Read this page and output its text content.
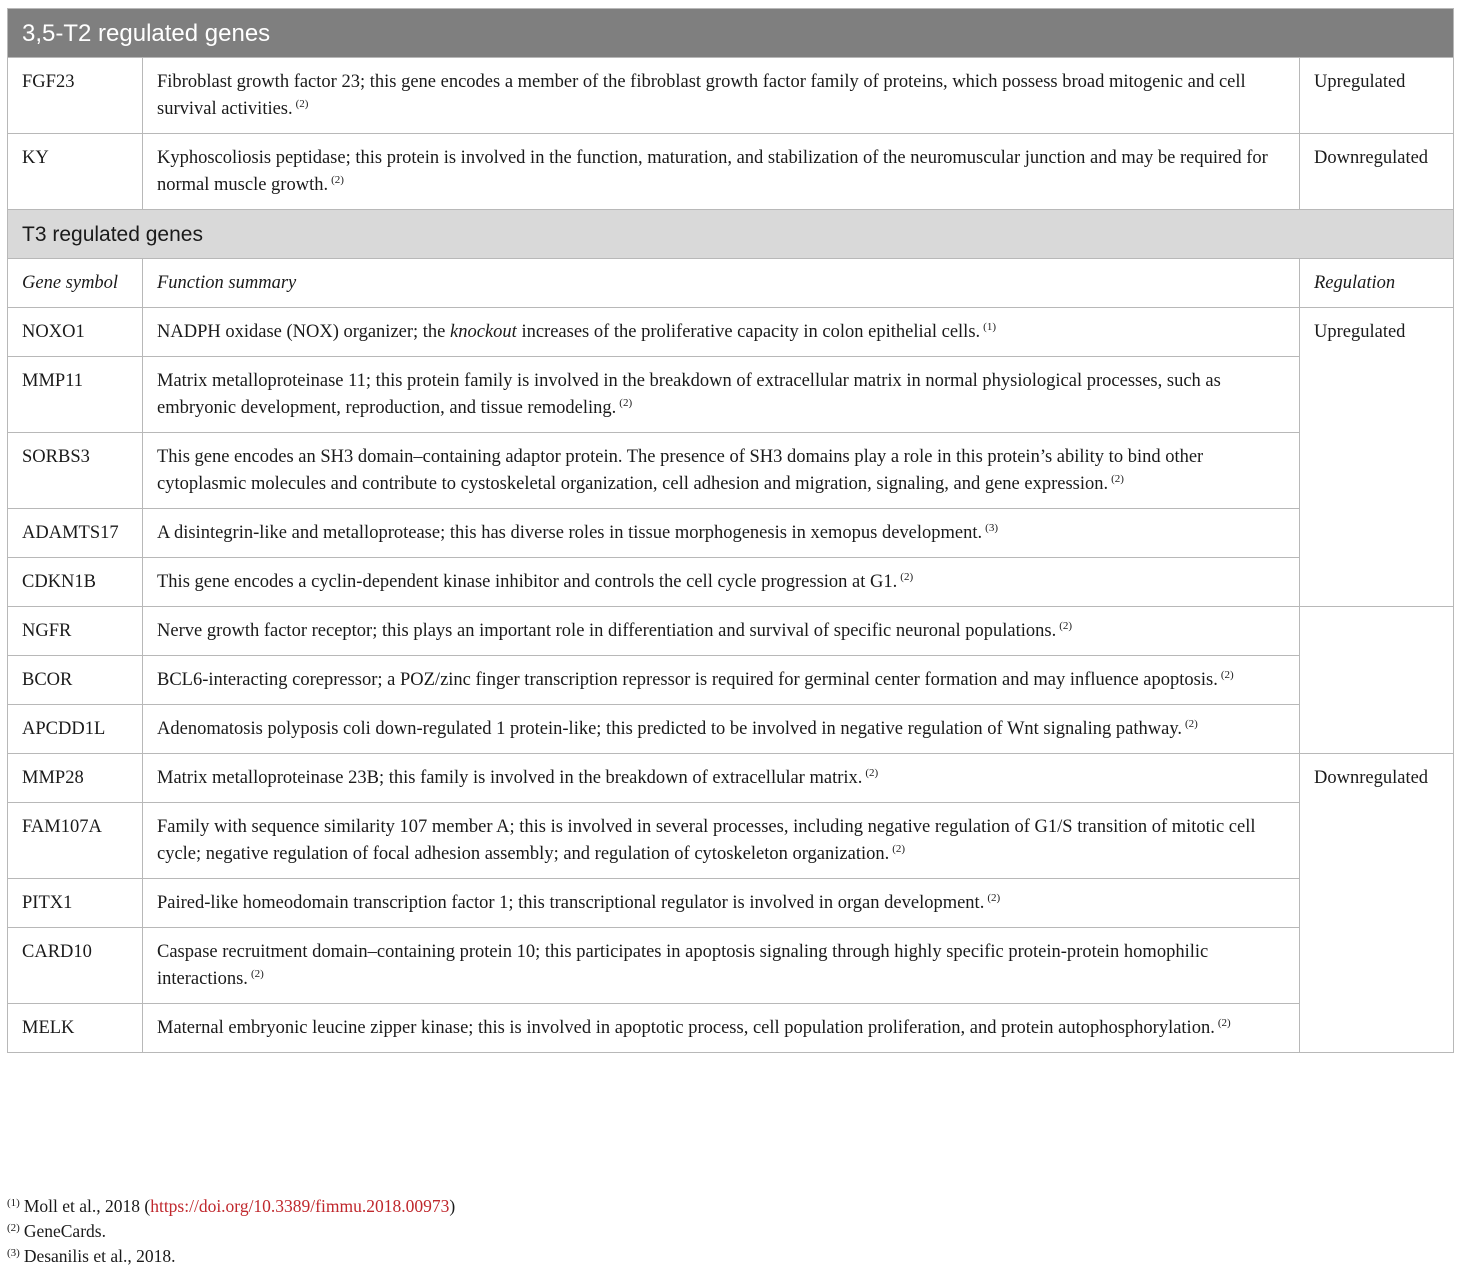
3,5-T2 regulated genes		
FGF23	Fibroblast growth factor 23; this gene encodes a member of the fibroblast growth factor family of proteins, which possess broad mitogenic and cell survival activities. $^{(2)}$	Upregulated
KY	Kyphoscoliosis peptidase; this protein is involved in the function, maturation, and stabilization of the neuromuscular junction and may be required for normal muscle growth. $^{(2)}$	Downregulated
T3 regulated genes		
Gene symbol	Function summary	Regulation
NOXO1	NADPH oxidase (NOX) organizer; the knockout increases of the proliferative capacity in colon epithelial cells. $^{(1)}$	Upregulated
MMP11	Matrix metalloproteinase 11; this protein family is involved in the breakdown of extracellular matrix in normal physiological processes, such as embryonic development, reproduction, and tissue remodeling. $^{(2)}$
SORBS3	This gene encodes an SH3 domain–containing adaptor protein. The presence of SH3 domains play a role in this protein’s ability to bind other cytoplasmic molecules and contribute to cystoskeletal organization, cell adhesion and migration, signaling, and gene expression. $^{(2)}$
ADAMTS17	A disintegrin-like and metalloprotease; this has diverse roles in tissue morphogenesis in xemopus development. $^{(3)}$
CDKN1B	This gene encodes a cyclin-dependent kinase inhibitor and controls the cell cycle progression at G1. $^{(2)}$
NGFR	Nerve growth factor receptor; this plays an important role in differentiation and survival of specific neuronal populations. $^{(2)}$	
BCOR	BCL6-interacting corepressor; a POZ/zinc finger transcription repressor is required for germinal center formation and may influence apoptosis. $^{(2)}$
APCDD1L	Adenomatosis polyposis coli down-regulated 1 protein-like; this predicted to be involved in negative regulation of Wnt signaling pathway. $^{(2)}$
MMP28	Matrix metalloproteinase 23B; this family is involved in the breakdown of extracellular matrix. $^{(2)}$	Downregulated
FAM107A	Family with sequence similarity 107 member A; this is involved in several processes, including negative regulation of G1/S transition of mitotic cell cycle; negative regulation of focal adhesion assembly; and regulation of cytoskeleton organization. $^{(2)}$
PITX1	Paired-like homeodomain transcription factor 1; this transcriptional regulator is involved in organ development. $^{(2)}$
CARD10	Caspase recruitment domain–containing protein 10; this participates in apoptosis signaling through highly specific protein-protein homophilic interactions. $^{(2)}$
MELK	Maternal embryonic leucine zipper kinase; this is involved in apoptotic process, cell population proliferation, and protein autophosphorylation. $^{(2)}$
$^{(1)}$ Moll et al., 2018 (https://doi.org/10.3389/fimmu.2018.00973)
$^{(2)}$ GeneCards.
$^{(3)}$ Desanilis et al., 2018.
